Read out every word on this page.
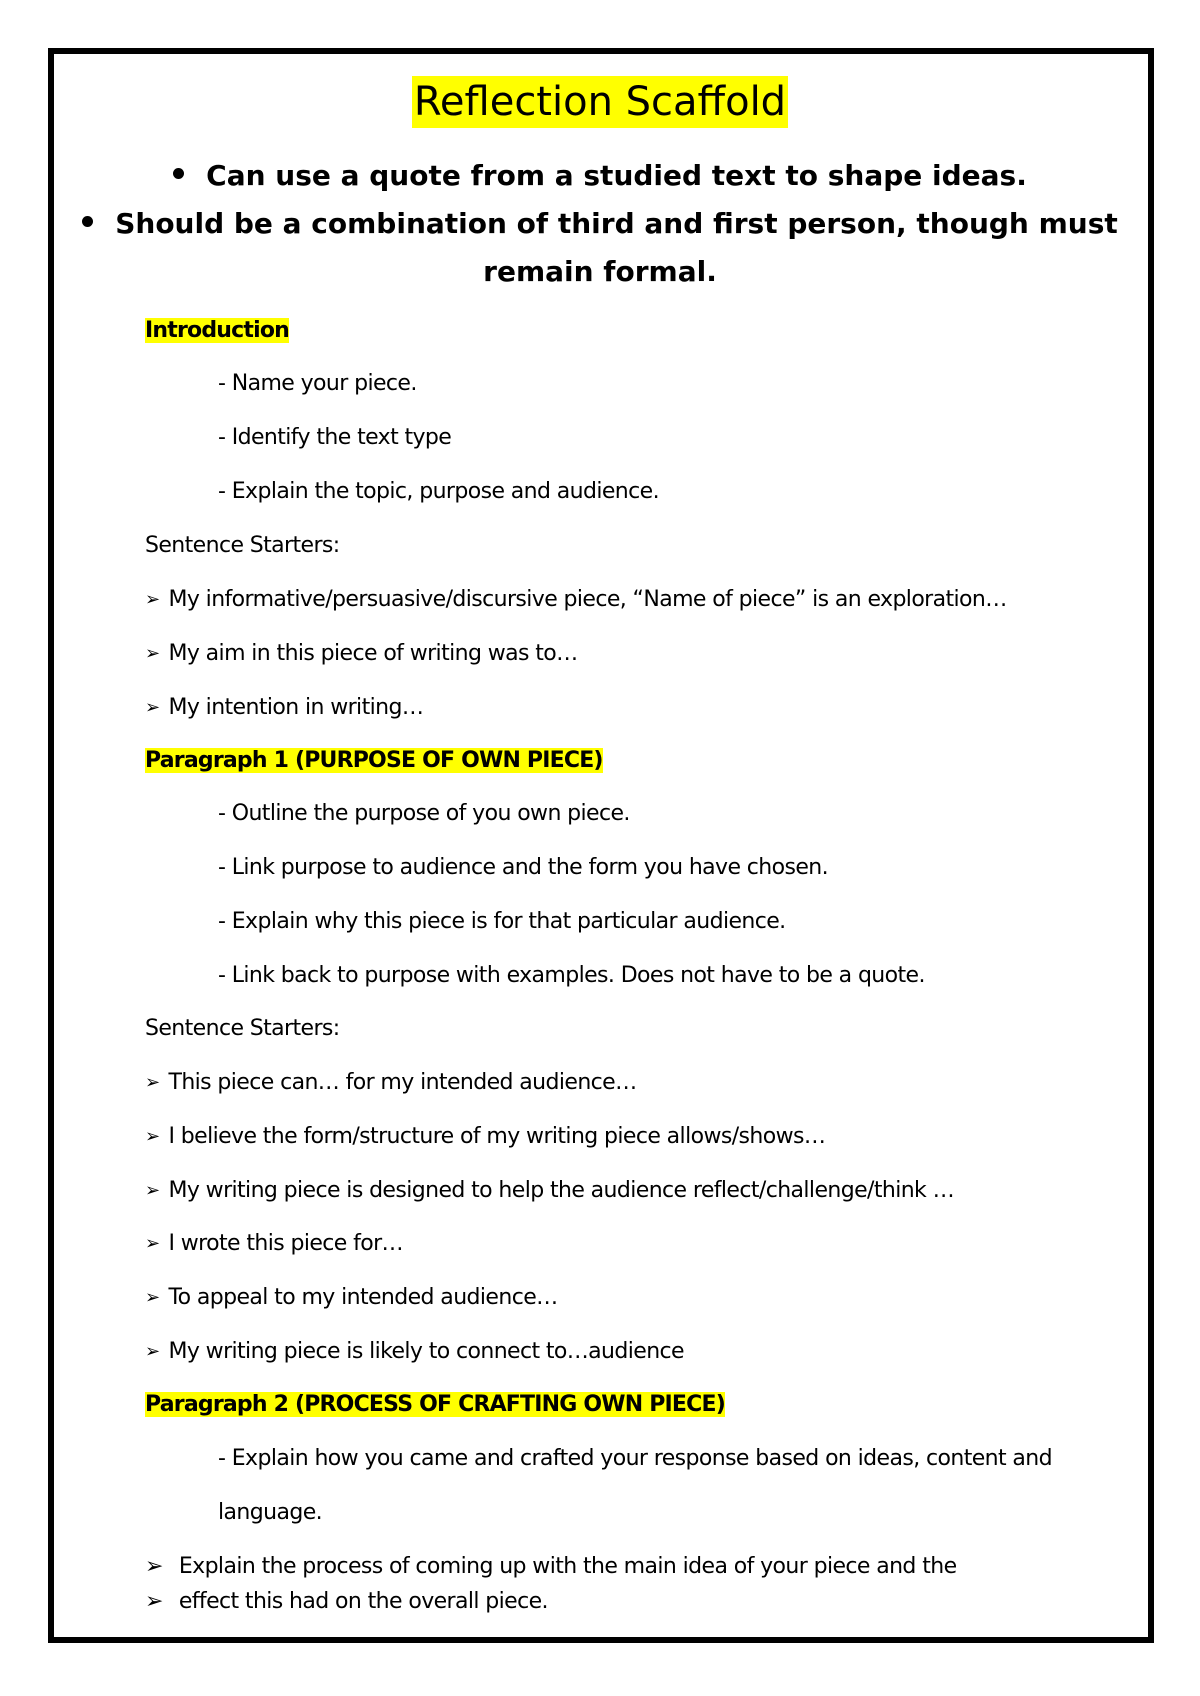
Reflection Scaffold
Can use a quote from a studied text to shape ideas.
Should be a combination of third and first person, though must
remain formal.
Introduction
- Name your piece.
- Identify the text type
- Explain the topic, purpose and audience.
Sentence Starters:
➢ My informative/persuasive/discursive piece, “Name of piece” is an exploration…
➢ My aim in this piece of writing was to…
➢ My intention in writing…
Paragraph 1 (PURPOSE OF OWN PIECE)
- Outline the purpose of you own piece.
- Link purpose to audience and the form you have chosen.
- Explain why this piece is for that particular audience.
- Link back to purpose with examples. Does not have to be a quote.
Sentence Starters:
➢ This piece can… for my intended audience…
➢ I believe the form/structure of my writing piece allows/shows…
➢ My writing piece is designed to help the audience reflect/challenge/think …
➢ I wrote this piece for…
➢ To appeal to my intended audience…
➢ My writing piece is likely to connect to…audience
Paragraph 2 (PROCESS OF CRAFTING OWN PIECE)
- Explain how you came and crafted your response based on ideas, content and
language.
➢ Explain the process of coming up with the main idea of your piece and the
➢ effect this had on the overall piece.
